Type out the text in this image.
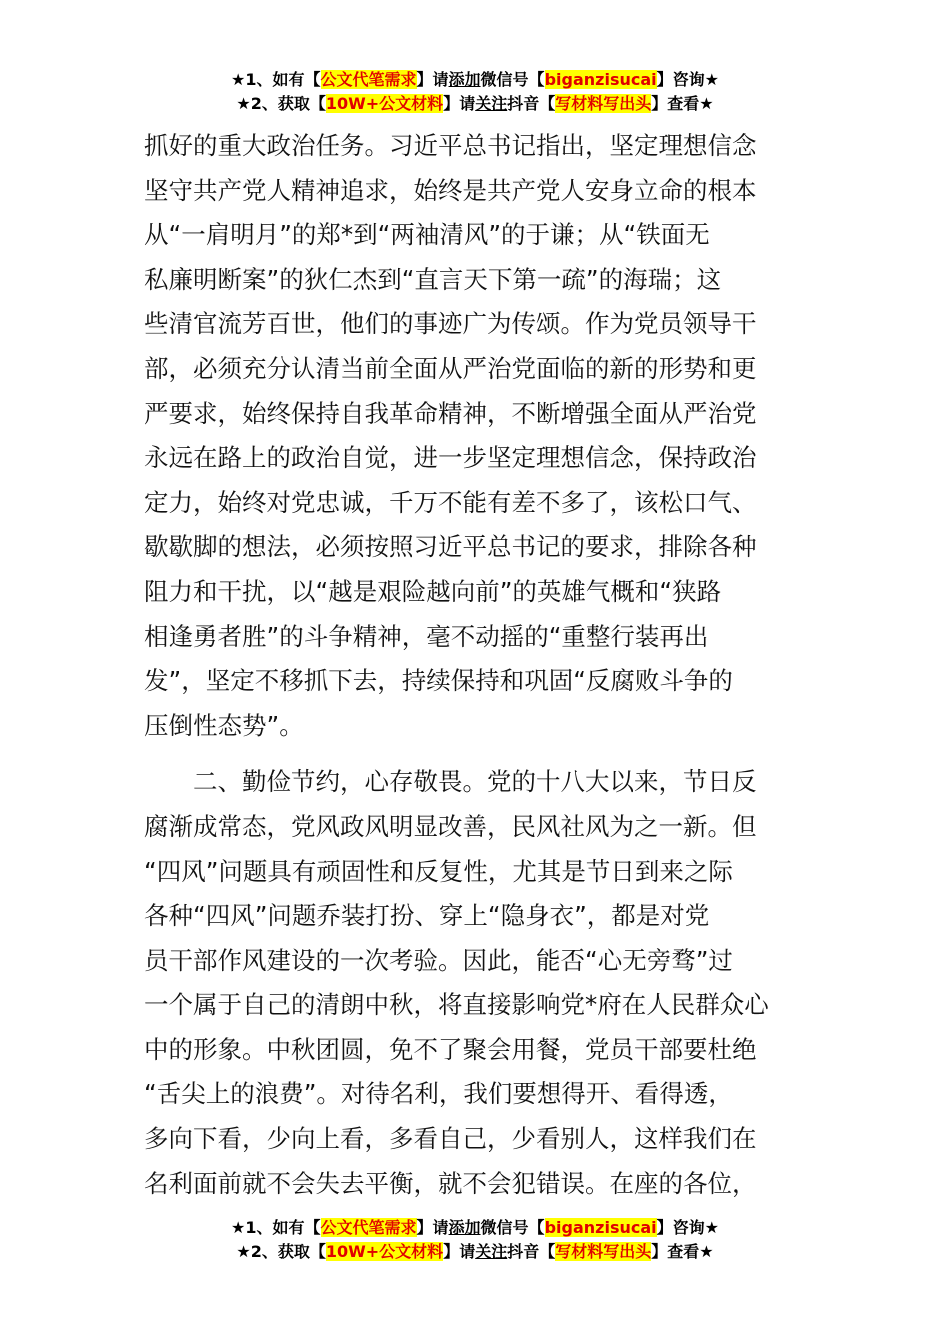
★1、如有【公文代笔需求】请添加微信号【biganzisucai】咨询★
★2、获取【10W+公文材料】请关注抖音【写材料写出头】查看★
抓好的重大政治任务。习近平总书记指出，坚定理想信念
坚守共产党人精神追求，始终是共产党人安身立命的根本
从“一肩明月”的郑*到“两袖清风”的于谦；从“铁面无
私廉明断案”的狄仁杰到“直言天下第一疏”的海瑞；这
些清官流芳百世，他们的事迹广为传颂。作为党员领导干
部，必须充分认清当前全面从严治党面临的新的形势和更
严要求，始终保持自我革命精神，不断增强全面从严治党
永远在路上的政治自觉，进一步坚定理想信念，保持政治
定力，始终对党忠诚，千万不能有差不多了，该松口气、
歇歇脚的想法，必须按照习近平总书记的要求，排除各种
阻力和干扰，以“越是艰险越向前”的英雄气概和“狭路
相逢勇者胜”的斗争精神，毫不动摇的“重整行装再出
发”，坚定不移抓下去，持续保持和巩固“反腐败斗争的
压倒性态势”。
　　二、勤俭节约，心存敬畏。党的十八大以来，节日反
腐渐成常态，党风政风明显改善，民风社风为之一新。但
“四风”问题具有顽固性和反复性，尤其是节日到来之际
各种“四风”问题乔装打扮、穿上“隐身衣”，都是对党
员干部作风建设的一次考验。因此，能否“心无旁骛”过
一个属于自己的清朗中秋，将直接影响党*府在人民群众心
中的形象。中秋团圆，免不了聚会用餐，党员干部要杜绝
“舌尖上的浪费”。对待名利，我们要想得开、看得透，
多向下看，少向上看，多看自己，少看别人，这样我们在
名利面前就不会失去平衡，就不会犯错误。在座的各位，
★1、如有【公文代笔需求】请添加微信号【biganzisucai】咨询★
★2、获取【10W+公文材料】请关注抖音【写材料写出头】查看★
